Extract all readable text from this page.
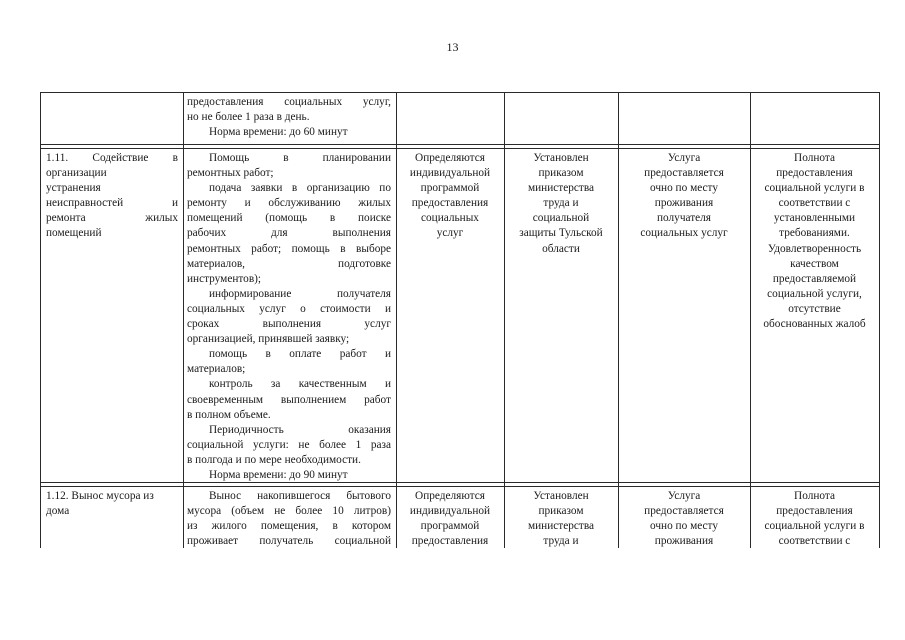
13
предоставления социальных услуг,
но не более 1 раза в день.
Норма времени: до 60 минут
1.11. Содействие в
организации
устранения
неисправностей и
ремонта жилых
помещений
Помощь в планировании
ремонтных работ;
подача заявки в организацию по
ремонту и обслуживанию жилых
помещений (помощь в поиске
рабочих для выполнения
ремонтных работ; помощь в выборе
материалов, подготовке
инструментов);
информирование получателя
социальных услуг о стоимости и
сроках выполнения услуг
организацией, принявшей заявку;
помощь в оплате работ и
материалов;
контроль за качественным и
своевременным выполнением работ
в полном объеме.
Периодичность оказания
социальной услуги: не более 1 раза
в полгода и по мере необходимости.
Норма времени: до 90 минут
Определяются
индивидуальной
программой
предоставления
социальных
услуг
Установлен
приказом
министерства
труда и
социальной
защиты Тульской
области
Услуга
предоставляется
очно по месту
проживания
получателя
социальных услуг
Полнота
предоставления
социальной услуги в
соответствии с
установленными
требованиями.
Удовлетворенность
качеством
предоставляемой
социальной услуги,
отсутствие
обоснованных жалоб
1.12. Вынос мусора из
дома
Вынос накопившегося бытового
мусора (объем не более 10 литров)
из жилого помещения, в котором
проживает получатель социальной
Определяются
индивидуальной
программой
предоставления
Установлен
приказом
министерства
труда и
Услуга
предоставляется
очно по месту
проживания
Полнота
предоставления
социальной услуги в
соответствии с
